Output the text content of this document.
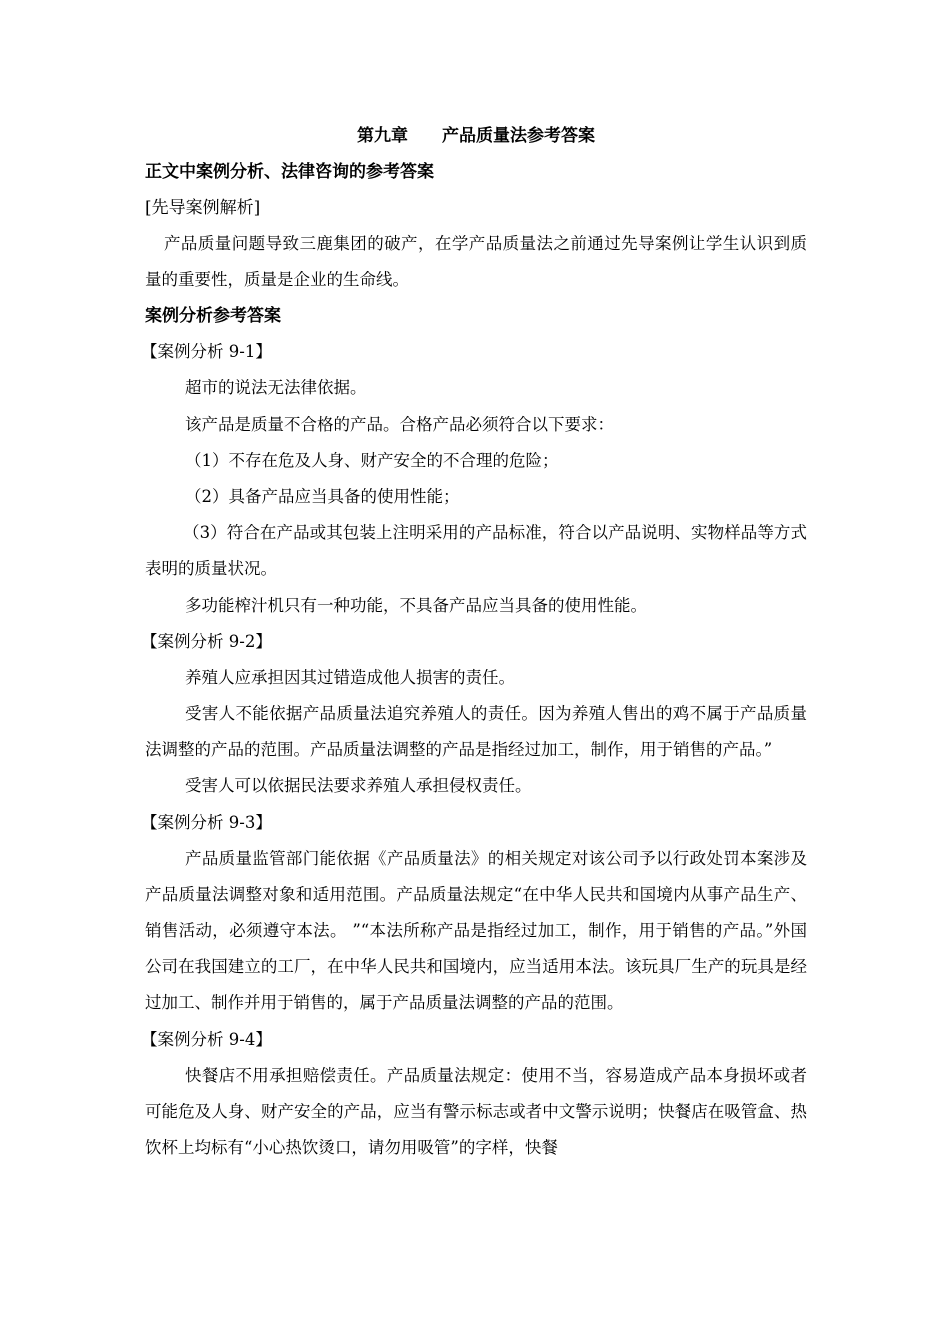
第九章 产品质量法参考答案
正文中案例分析、法律咨询的参考答案
[先导案例解析]

产品质量问题导致三鹿集团的破产，在学产品质量法之前通过先导案例让学生认识到质量的重要性，质量是企业的生命线。

案例分析参考答案
【案例分析 9-1】

超市的说法无法律依据。

该产品是质量不合格的产品。合格产品必须符合以下要求：

（1）不存在危及人身、财产安全的不合理的危险；
（2）具备产品应当具备的使用性能；

（3）符合在产品或其包装上注明采用的产品标准，符合以产品说明、实物样品等方式表明的质量状况。

多功能榨汁机只有一种功能，不具备产品应当具备的使用性能。

【案例分析 9-2】

养殖人应承担因其过错造成他人损害的责任。

受害人不能依据产品质量法追究养殖人的责任。因为养殖人售出的鸡不属于产品质量法调整的产品的范围。产品质量法调整的产品是指经过加工，制作，用于销售的产品。”

受害人可以依据民法要求养殖人承担侵权责任。

【案例分析 9-3】

产品质量监管部门能依据《产品质量法》的相关规定对该公司予以行政处罚本案涉及产品质量法调整对象和适用范围。产品质量法规定“在中华人民共和国境内从事产品生产、销售活动，必须遵守本法。 ”“本法所称产品是指经过加工，制作，用于销售的产品。”外国公司在我国建立的工厂，在中华人民共和国境内，应当适用本法。该玩具厂生产的玩具是经过加工、制作并用于销售的，属于产品质量法调整的产品的范围。

【案例分析 9-4】

快餐店不用承担赔偿责任。产品质量法规定：使用不当，容易造成产品本身损坏或者可能危及人身、财产安全的产品，应当有警示标志或者中文警示说明；快餐店在吸管盒、热饮杯上均标有“小心热饮烫口，请勿用吸管”的字样，快餐
